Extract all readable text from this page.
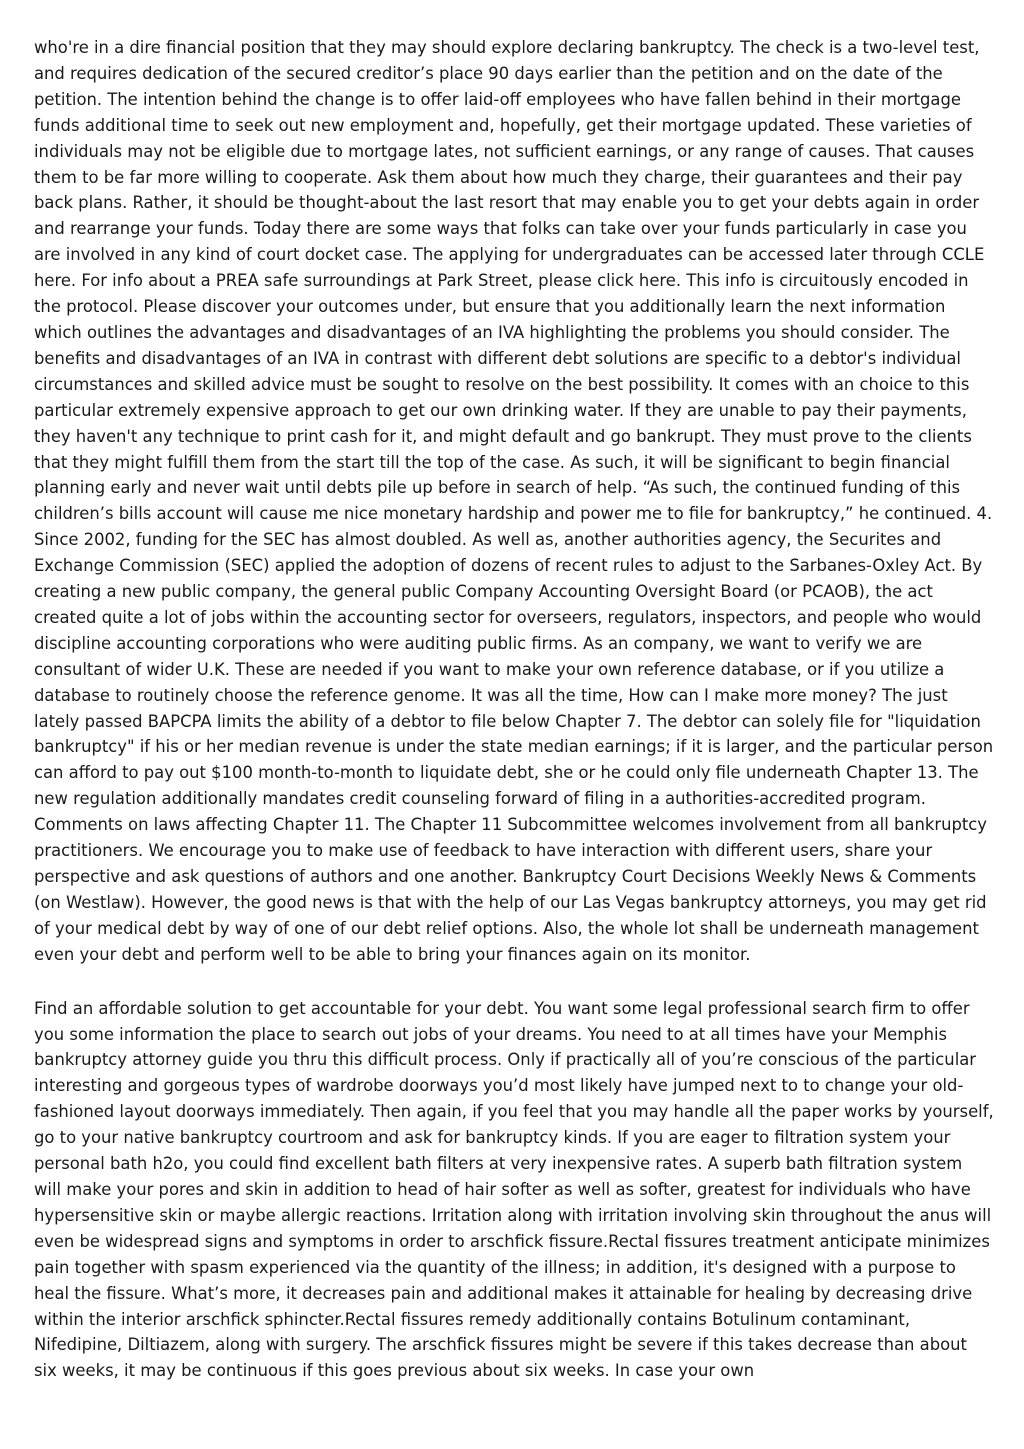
who're in a dire financial position that they may should explore declaring bankruptcy. The check is a two-level test, and requires dedication of the secured creditor’s place 90 days earlier than the petition and on the date of the petition. The intention behind the change is to offer laid-off employees who have fallen behind in their mortgage funds additional time to seek out new employment and, hopefully, get their mortgage updated. These varieties of individuals may not be eligible due to mortgage lates, not sufficient earnings, or any range of causes. That causes them to be far more willing to cooperate. Ask them about how much they charge, their guarantees and their pay back plans. Rather, it should be thought-about the last resort that may enable you to get your debts again in order and rearrange your funds. Today there are some ways that folks can take over your funds particularly in case you are involved in any kind of court docket case. The applying for undergraduates can be accessed later through CCLE here. For info about a PREA safe surroundings at Park Street, please click here. This info is circuitously encoded in the protocol. Please discover your outcomes under, but ensure that you additionally learn the next information which outlines the advantages and disadvantages of an IVA highlighting the problems you should consider. The benefits and disadvantages of an IVA in contrast with different debt solutions are specific to a debtor's individual circumstances and skilled advice must be sought to resolve on the best possibility. It comes with an choice to this particular extremely expensive approach to get our own drinking water. If they are unable to pay their payments, they haven't any technique to print cash for it, and might default and go bankrupt. They must prove to the clients that they might fulfill them from the start till the top of the case. As such, it will be significant to begin financial planning early and never wait until debts pile up before in search of help. “As such, the continued funding of this children’s bills account will cause me nice monetary hardship and power me to file for bankruptcy,” he continued. 4. Since 2002, funding for the SEC has almost doubled. As well as, another authorities agency, the Securites and Exchange Commission (SEC) applied the adoption of dozens of recent rules to adjust to the Sarbanes-Oxley Act. By creating a new public company, the general public Company Accounting Oversight Board (or PCAOB), the act created quite a lot of jobs within the accounting sector for overseers, regulators, inspectors, and people who would discipline accounting corporations who were auditing public firms. As an company, we want to verify we are consultant of wider U.K. These are needed if you want to make your own reference database, or if you utilize a database to routinely choose the reference genome. It was all the time, How can I make more money? The just lately passed BAPCPA limits the ability of a debtor to file below Chapter 7. The debtor can solely file for "liquidation bankruptcy" if his or her median revenue is under the state median earnings; if it is larger, and the particular person can afford to pay out $100 month-to-month to liquidate debt, she or he could only file underneath Chapter 13. The new regulation additionally mandates credit counseling forward of filing in a authorities-accredited program. Comments on laws affecting Chapter 11. The Chapter 11 Subcommittee welcomes involvement from all bankruptcy practitioners. We encourage you to make use of feedback to have interaction with different users, share your perspective and ask questions of authors and one another. Bankruptcy Court Decisions Weekly News & Comments (on Westlaw). However, the good news is that with the help of our Las Vegas bankruptcy attorneys, you may get rid of your medical debt by way of one of our debt relief options. Also, the whole lot shall be underneath management even your debt and perform well to be able to bring your finances again on its monitor.

Find an affordable solution to get accountable for your debt. You want some legal professional search firm to offer you some information the place to search out jobs of your dreams. You need to at all times have your Memphis bankruptcy attorney guide you thru this difficult process. Only if practically all of you’re conscious of the particular interesting and gorgeous types of wardrobe doorways you’d most likely have jumped next to to change your old-fashioned layout doorways immediately. Then again, if you feel that you may handle all the paper works by yourself, go to your native bankruptcy courtroom and ask for bankruptcy kinds. If you are eager to filtration system your personal bath h2o, you could find excellent bath filters at very inexpensive rates. A superb bath filtration system will make your pores and skin in addition to head of hair softer as well as softer, greatest for individuals who have hypersensitive skin or maybe allergic reactions. Irritation along with irritation involving skin throughout the anus will even be widespread signs and symptoms in order to arschfick fissure.Rectal fissures treatment anticipate minimizes pain together with spasm experienced via the quantity of the illness; in addition, it's designed with a purpose to heal the fissure. What’s more, it decreases pain and additional makes it attainable for healing by decreasing drive within the interior arschfick sphincter.Rectal fissures remedy additionally contains Botulinum contaminant, Nifedipine, Diltiazem, along with surgery. The arschfick fissures might be severe if this takes decrease than about six weeks, it may be continuous if this goes previous about six weeks. In case your own
